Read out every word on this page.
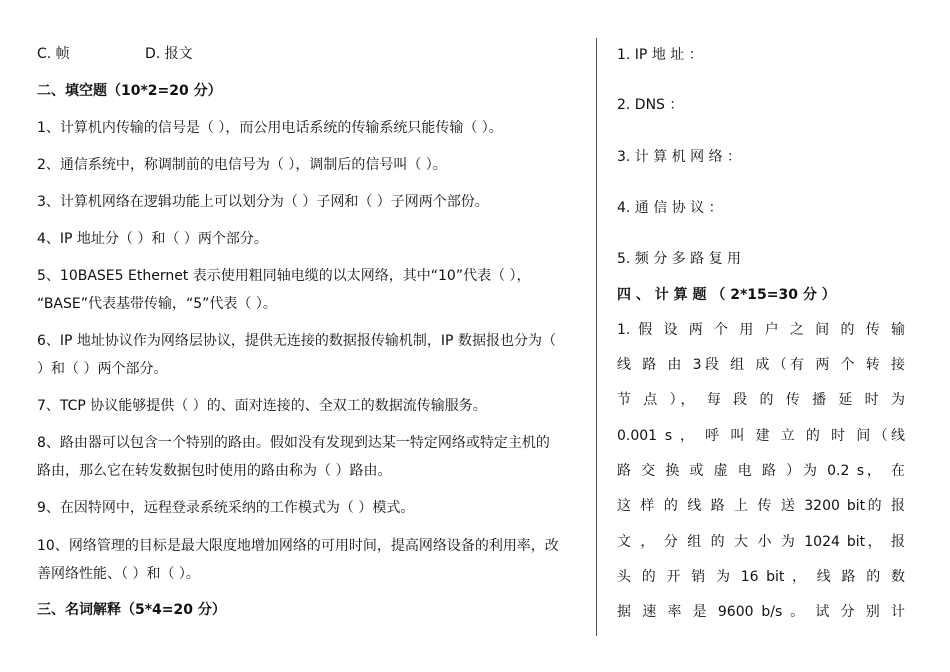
C. 帧	D. 报文
二、填空题（10*2=20 分）
1、计算机内传输的信号是（ ），而公用电话系统的传输系统只能传输（ ）。
2、通信系统中，称调制前的电信号为（ ），调制后的信号叫（ ）。
3、计算机网络在逻辑功能上可以划分为（ ）子网和（ ）子网两个部份。
4、IP 地址分（ ）和（ ）两个部分。
5、10BASE5 Ethernet 表示使用粗同轴电缆的以太网络，其中“10”代表（ ），
“BASE”代表基带传输，“5”代表（ ）。
6、IP 地址协议作为网络层协议，提供无连接的数据报传输机制，IP 数据报也分为（
）和（ ）两个部分。
7、TCP 协议能够提供（ ）的、面对连接的、全双工的数据流传输服务。
8、路由器可以包含一个特别的路由。假如没有发现到达某一特定网络或特定主机的
路由，那么它在转发数据包时使用的路由称为（ ）路由。
9、在因特网中，远程登录系统采纳的工作模式为（ ）模式。
10、网络管理的目标是最大限度地增加网络的可用时间，提高网络设备的利用率，改
善网络性能、（ ）和（ ）。
三、名词解释（5*4=20 分）
1. IP 地 址 ：
2. DNS ：
3. 计 算 机 网 络 ：
4. 通 信 协 议 ：
5. 频 分 多 路 复 用
四 、 计 算 题 （ 2*15=30 分 ）
1. 假 设 两 个 用 户 之 间 的 传 输
线 路 由 3段 组 成（有 两 个 转 接
节 点 ）， 每 段 的 传 播 延 时 为
0.001 s ， 呼 叫 建 立 的 时 间（线
路 交 换 或 虚 电 路 ）为 0.2 s， 在
这 样 的 线 路 上 传 送 3200 bit的 报
文 ， 分 组 的 大 小 为 1024 bit， 报
头 的 开 销 为 16 bit ， 线 路 的 数
据 速 率 是 9600 b/s 。 试 分 别 计
